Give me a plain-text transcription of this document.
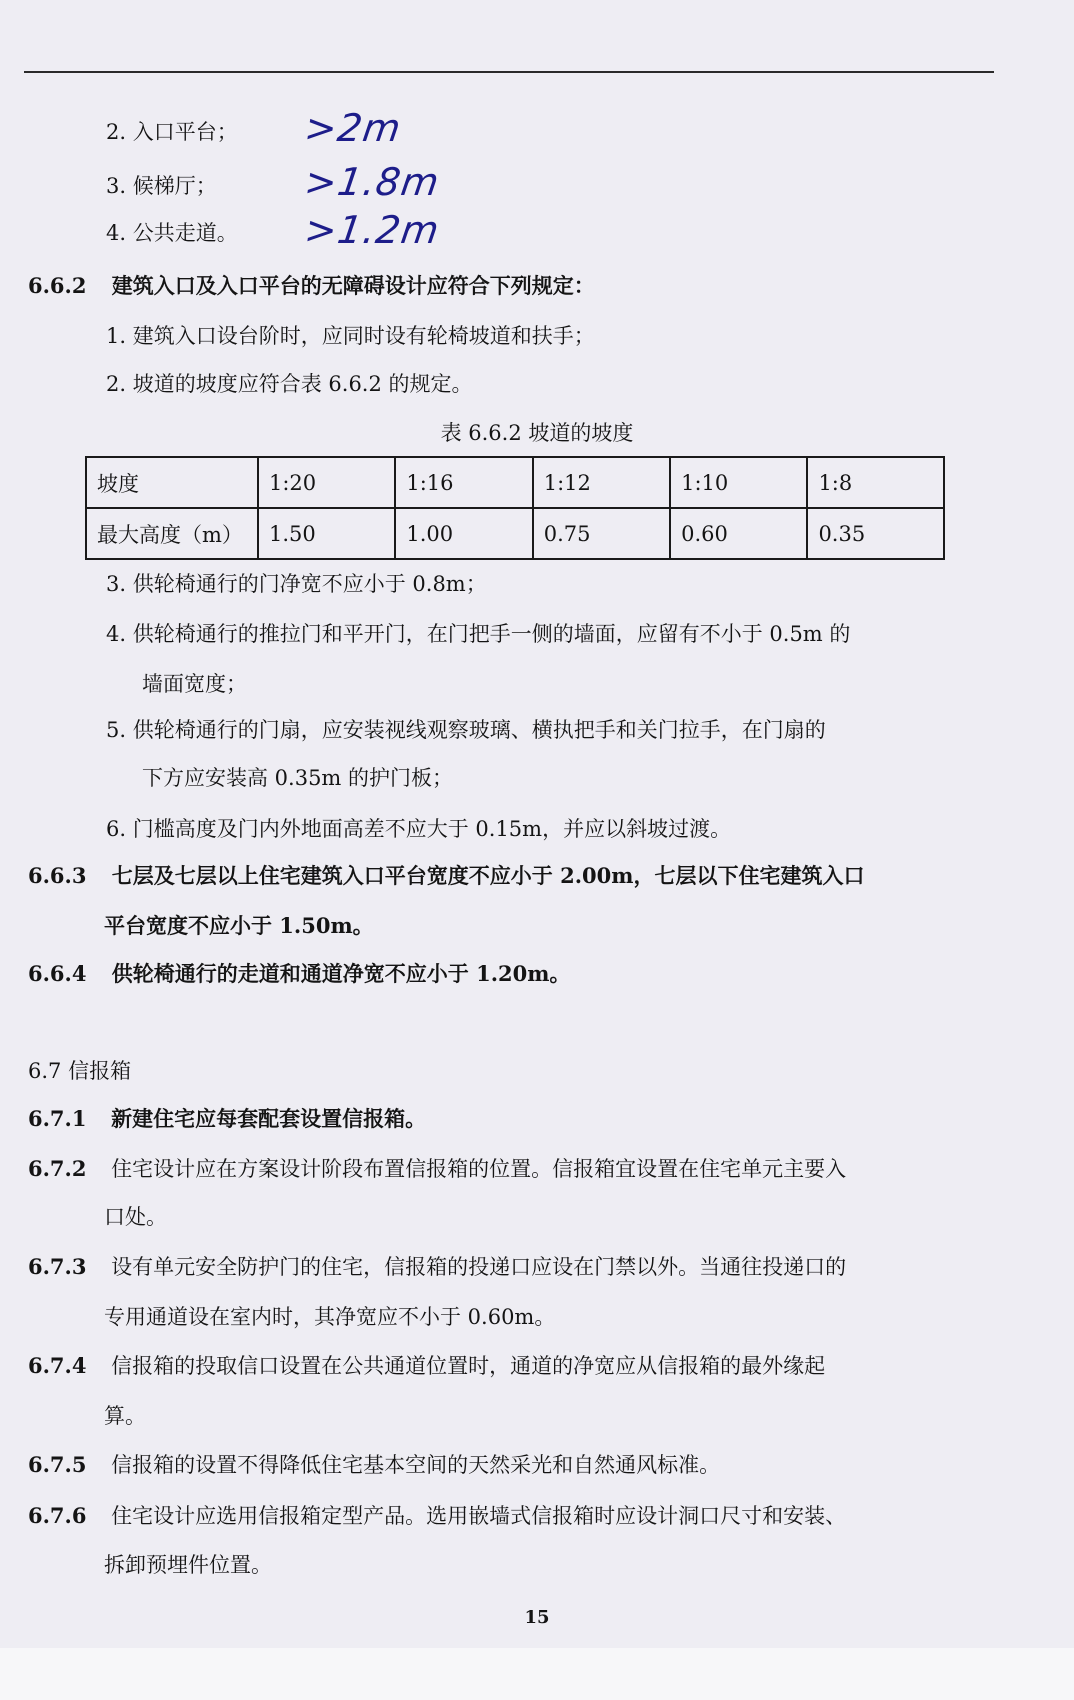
2. 入口平台； >2m
3. 候梯厅； >1.8m
4. 公共走道。 >1.2m
6.6.2 建筑入口及入口平台的无障碍设计应符合下列规定：
1. 建筑入口设台阶时，应同时设有轮椅坡道和扶手；
2. 坡道的坡度应符合表 6.6.2 的规定。
表 6.6.2 坡道的坡度
坡度	1:20	1:16	1:12	1:10	1:8
最大高度（m）	1.50	1.00	0.75	0.60	0.35
3. 供轮椅通行的门净宽不应小于 0.8m；
4. 供轮椅通行的推拉门和平开门，在门把手一侧的墙面，应留有不小于 0.5m 的
墙面宽度；
5. 供轮椅通行的门扇，应安装视线观察玻璃、横执把手和关门拉手，在门扇的
下方应安装高 0.35m 的护门板；
6. 门槛高度及门内外地面高差不应大于 0.15m，并应以斜坡过渡。
6.6.3 七层及七层以上住宅建筑入口平台宽度不应小于 2.00m，七层以下住宅建筑入口
平台宽度不应小于 1.50m。
6.6.4 供轮椅通行的走道和通道净宽不应小于 1.20m。
6.7 信报箱
6.7.1 新建住宅应每套配套设置信报箱。
6.7.2 住宅设计应在方案设计阶段布置信报箱的位置。信报箱宜设置在住宅单元主要入
口处。
6.7.3 设有单元安全防护门的住宅，信报箱的投递口应设在门禁以外。当通往投递口的
专用通道设在室内时，其净宽应不小于 0.60m。
6.7.4 信报箱的投取信口设置在公共通道位置时，通道的净宽应从信报箱的最外缘起
算。
6.7.5 信报箱的设置不得降低住宅基本空间的天然采光和自然通风标准。
6.7.6 住宅设计应选用信报箱定型产品。选用嵌墙式信报箱时应设计洞口尺寸和安装、
拆卸预埋件位置。
15
